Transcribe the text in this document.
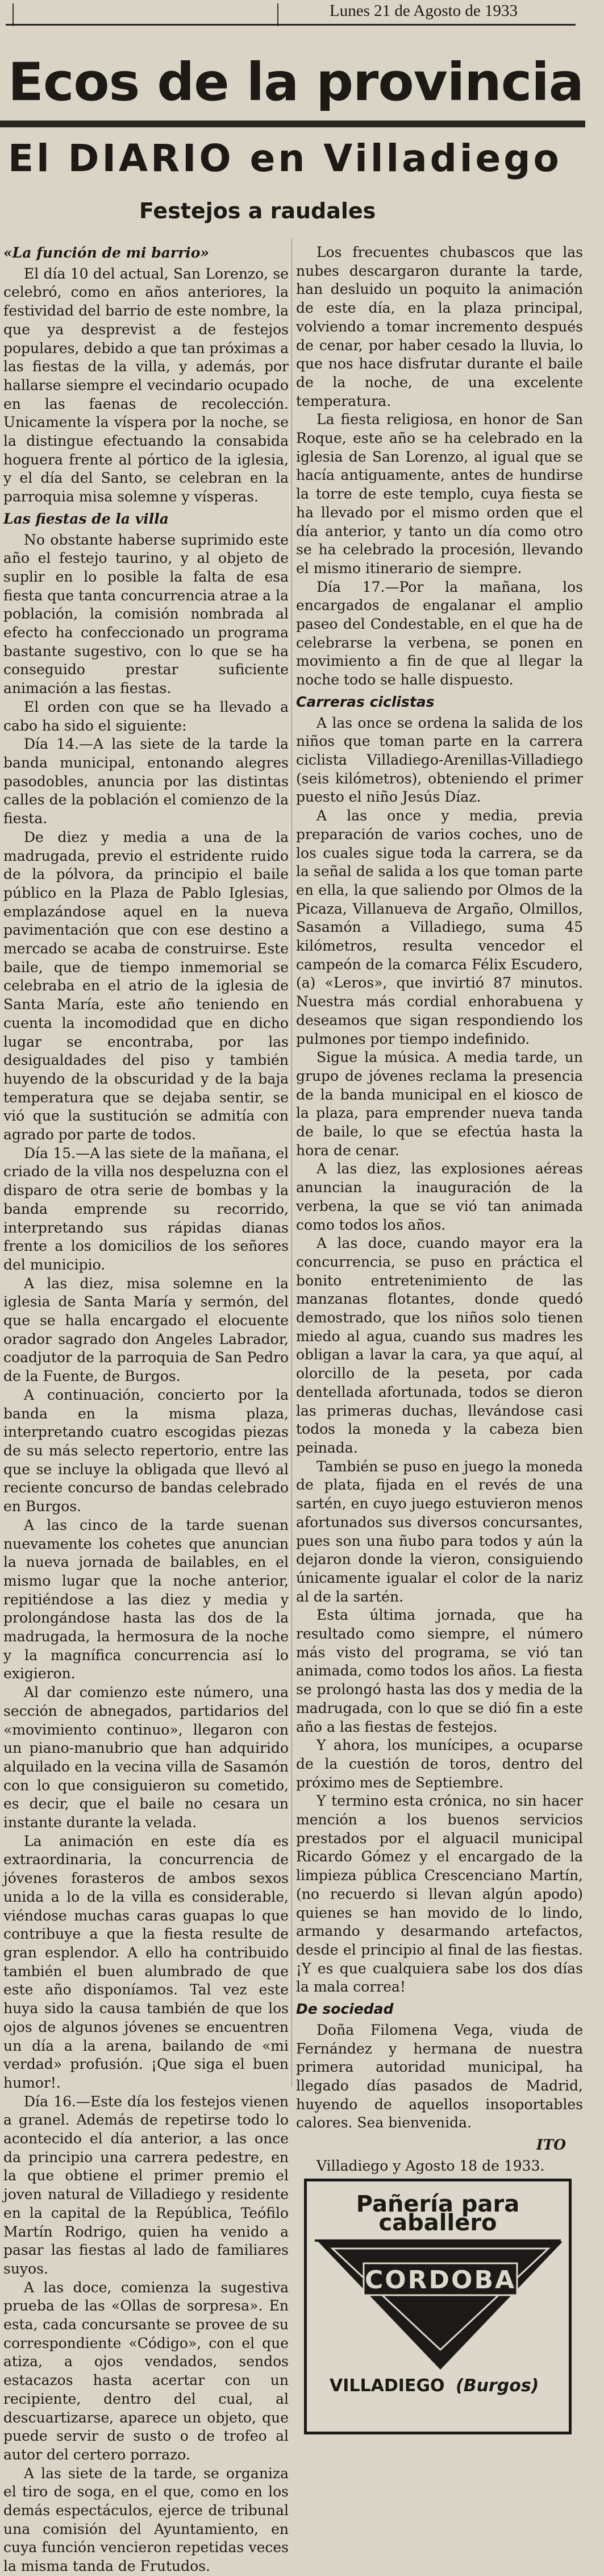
Lunes 21 de Agosto de 1933
Ecos de la provincia
El DIARIO en Villadiego
Festejos a raudales
«La función de mi barrio»

El día 10 del actual, San Lorenzo, se celebró, como en años anteriores, la festividad del barrio de este nombre, la que ya desprevist a de festejos populares, debido a que tan próximas a las fiestas de la villa, y además, por hallarse siempre el vecindario ocupado en las faenas de recolección. Unicamente la víspera por la noche, se la distingue efectuando la consabida hoguera frente al pórtico de la iglesia, y el día del Santo, se celebran en la parroquia misa solemne y vísperas.

Las fiestas de la villa

No obstante haberse suprimido este año el festejo taurino, y al objeto de suplir en lo posible la falta de esa fiesta que tanta concurrencia atrae a la población, la comisión nombrada al efecto ha confeccionado un programa bastante sugestivo, con lo que se ha conseguido prestar suficiente animación a las fiestas.

El orden con que se ha llevado a cabo ha sido el siguiente:

Día 14.—A las siete de la tarde la banda municipal, entonando alegres pasodobles, anuncia por las distintas calles de la población el comienzo de la fiesta.

De diez y media a una de la madrugada, previo el estridente ruido de la pólvora, da principio el baile público en la Plaza de Pablo Iglesias, emplazándose aquel en la nueva pavimentación que con ese destino a mercado se acaba de construirse. Este baile, que de tiempo inmemorial se celebraba en el atrio de la iglesia de Santa María, este año teniendo en cuenta la incomodidad que en dicho lugar se encontraba, por las desigualdades del piso y también huyendo de la obscuridad y de la baja temperatura que se dejaba sentir, se vió que la sustitución se admitía con agrado por parte de todos.

Día 15.—A las siete de la mañana, el criado de la villa nos despeluzna con el disparo de otra serie de bombas y la banda emprende su recorrido, interpretando sus rápidas dianas frente a los domicilios de los señores del municipio.

A las diez, misa solemne en la iglesia de Santa María y sermón, del que se halla encargado el elocuente orador sagrado don Angeles Labrador, coadjutor de la parroquia de San Pedro de la Fuente, de Burgos.

A continuación, concierto por la banda en la misma plaza, interpretando cuatro escogidas piezas de su más selecto repertorio, entre las que se incluye la obligada que llevó al reciente concurso de bandas celebrado en Burgos.

A las cinco de la tarde suenan nuevamente los cohetes que anuncian la nueva jornada de bailables, en el mismo lugar que la noche anterior, repitiéndose a las diez y media y prolongándose hasta las dos de la madrugada, la hermosura de la noche y la magnífica concurrencia así lo exigieron.

Al dar comienzo este número, una sección de abnegados, partidarios del «movimiento continuo», llegaron con un piano-manubrio que han adquirido alquilado en la vecina villa de Sasamón con lo que consiguieron su cometido, es decir, que el baile no cesara un instante durante la velada.

La animación en este día es extraordinaria, la concurrencia de jóvenes forasteros de ambos sexos unida a lo de la villa es considerable, viéndose muchas caras guapas lo que contribuye a que la fiesta resulte de gran esplendor. A ello ha contribuido también el buen alumbrado de que este año disponíamos. Tal vez este huya sido la causa también de que los ojos de algunos jóvenes se encuentren un día a la arena, bailando de «mi verdad» profusión. ¡Que siga el buen humor!.

Día 16.—Este día los festejos vienen a granel. Además de repetirse todo lo acontecido el día anterior, a las once da principio una carrera pedestre, en la que obtiene el primer premio el joven natural de Villadiego y residente en la capital de la República, Teófilo Martín Rodrigo, quien ha venido a pasar las fiestas al lado de familiares suyos.

A las doce, comienza la sugestiva prueba de las «Ollas de sorpresa». En esta, cada concursante se provee de su correspondiente «Código», con el que atiza, a ojos vendados, sendos estacazos hasta acertar con un recipiente, dentro del cual, al descuartizarse, aparece un objeto, que puede servir de susto o de trofeo al autor del certero porrazo.

A las siete de la tarde, se organiza el tiro de soga, en el que, como en los demás espectáculos, ejerce de tribunal una comisión del Ayuntamiento, en cuya función vencieron repetidas veces la misma tanda de Frutudos.

Los frecuentes chubascos que las nubes descargaron durante la tarde, han desluido un poquito la animación de este día, en la plaza principal, volviendo a tomar incremento después de cenar, por haber cesado la lluvia, lo que nos hace disfrutar durante el baile de la noche, de una excelente temperatura.

La fiesta religiosa, en honor de San Roque, este año se ha celebrado en la iglesia de San Lorenzo, al igual que se hacía antiguamente, antes de hundirse la torre de este templo, cuya fiesta se ha llevado por el mismo orden que el día anterior, y tanto un día como otro se ha celebrado la procesión, llevando el mismo itinerario de siempre.

Día 17.—Por la mañana, los encargados de engalanar el amplio paseo del Condestable, en el que ha de celebrarse la verbena, se ponen en movimiento a fin de que al llegar la noche todo se halle dispuesto.

Carreras ciclistas

A las once se ordena la salida de los niños que toman parte en la carrera ciclista Villadiego-Arenillas-Villadiego (seis kilómetros), obteniendo el primer puesto el niño Jesús Díaz.

A las once y media, previa preparación de varios coches, uno de los cuales sigue toda la carrera, se da la señal de salida a los que toman parte en ella, la que saliendo por Olmos de la Picaza, Villanueva de Argaño, Olmillos, Sasamón a Villadiego, suma 45 kilómetros, resulta vencedor el campeón de la comarca Félix Escudero, (a) «Leros», que invirtió 87 minutos. Nuestra más cordial enhorabuena y deseamos que sigan respondiendo los pulmones por tiempo indefinido.

Sigue la música. A media tarde, un grupo de jóvenes reclama la presencia de la banda municipal en el kiosco de la plaza, para emprender nueva tanda de baile, lo que se efectúa hasta la hora de cenar.

A las diez, las explosiones aéreas anuncian la inauguración de la verbena, la que se vió tan animada como todos los años.

A las doce, cuando mayor era la concurrencia, se puso en práctica el bonito entretenimiento de las manzanas flotantes, donde quedó demostrado, que los niños solo tienen miedo al agua, cuando sus madres les obligan a lavar la cara, ya que aquí, al olorcillo de la peseta, por cada dentellada afortunada, todos se dieron las primeras duchas, llevándose casi todos la moneda y la cabeza bien peinada.

También se puso en juego la moneda de plata, fijada en el revés de una sartén, en cuyo juego estuvieron menos afortunados sus diversos concursantes, pues son una ñubo para todos y aún la dejaron donde la vieron, consiguiendo únicamente igualar el color de la nariz al de la sartén.

Esta última jornada, que ha resultado como siempre, el número más visto del programa, se vió tan animada, como todos los años. La fiesta se prolongó hasta las dos y media de la madrugada, con lo que se dió fin a este año a las fiestas de festejos.

Y ahora, los munícipes, a ocuparse de la cuestión de toros, dentro del próximo mes de Septiembre.

Y termino esta crónica, no sin hacer mención a los buenos servicios prestados por el alguacil municipal Ricardo Gómez y el encargado de la limpieza pública Crescenciano Martín, (no recuerdo si llevan algún apodo) quienes se han movido de lo lindo, armando y desarmando artefactos, desde el principio al final de las fiestas. ¡Y es que cualquiera sabe los dos días la mala correa!

De sociedad

Doña Filomena Vega, viuda de Fernández y hermana de nuestra primera autoridad municipal, ha llegado días pasados de Madrid, huyendo de aquellos insoportables calores. Sea bienvenida.

ITO

Villadiego y Agosto 18 de 1933.

Pañería para caballero
CORDOBA
VILLADIEGO (Burgos)
